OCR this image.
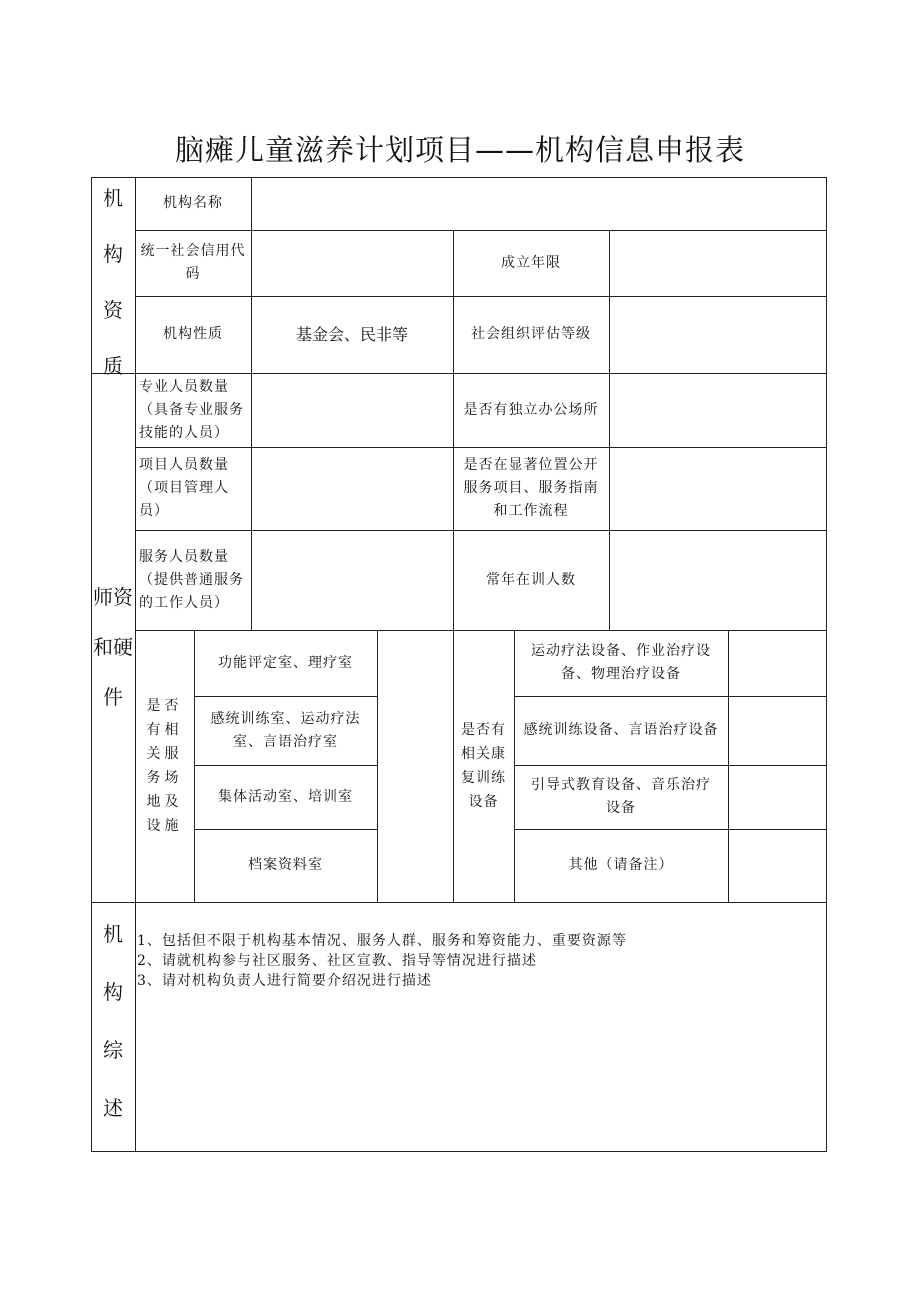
脑瘫儿童滋养计划项目——机构信息申报表
机
构
资
质
师资
和硬
件
机
构
综
述
机构名称
统一社会信用代码
成立年限
机构性质	基金会、民非等	社会组织评估等级
专业人员数量（具备专业服务技能的人员）
是否有独立办公场所
项目人员数量（项目管理人员）
是否在显著位置公开服务项目、服务指南和工作流程
服务人员数量（提供普通服务的工作人员）
常年在训人数
是否有相关服务场地及设施
功能评定室、理疗室
感统训练室、运动疗法室、言语治疗室
集体活动室、培训室
档案资料室
是否有相关康复训练设备
运动疗法设备、作业治疗设备、物理治疗设备
感统训练设备、言语治疗设备
引导式教育设备、音乐治疗设备
其他（请备注）
1、包括但不限于机构基本情况、服务人群、服务和筹资能力、重要资源等
2、请就机构参与社区服务、社区宣教、指导等情况进行描述
3、请对机构负责人进行简要介绍况进行描述
